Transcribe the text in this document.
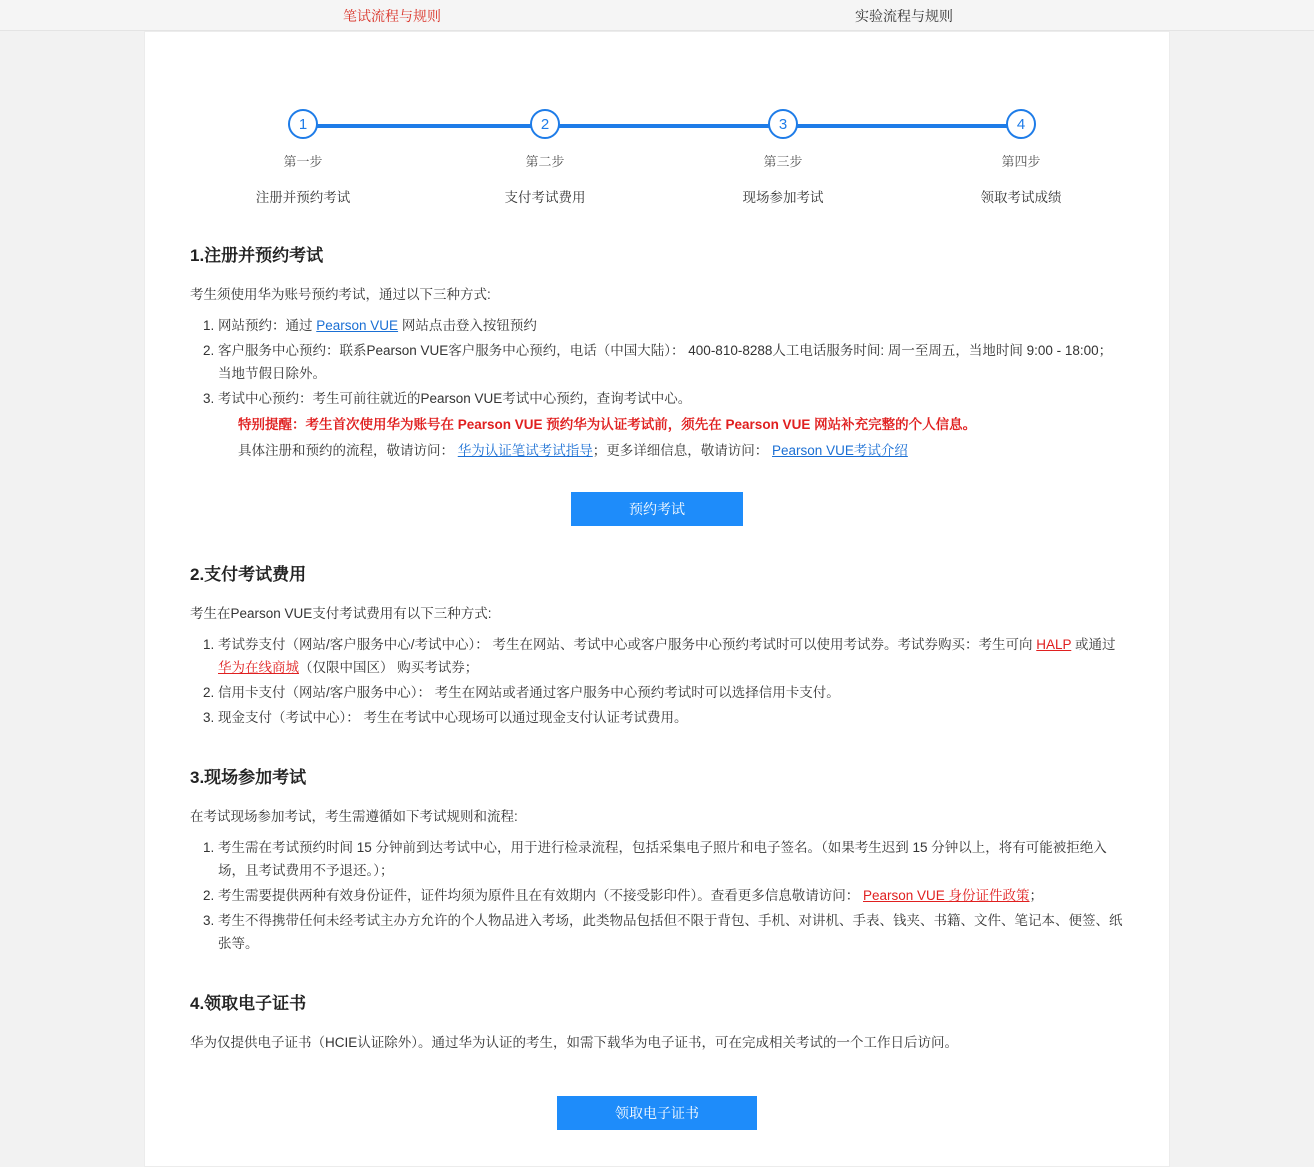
笔试流程与规则	实验流程与规则
1
第一步
注册并预约考试
2
第二步
支付考试费用
3
第三步
现场参加考试
4
第四步
领取考试成绩
1.注册并预约考试

考生须使用华为账号预约考试，通过以下三种方式:

1. 网站预约：通过 Pearson VUE 网站点击登入按钮预约
2. 客户服务中心预约：联系Pearson VUE客户服务中心预约，电话（中国大陆）： 400-810-8288人工电话服务时间: 周一至周五，当地时间 9:00 - 18:00；当地节假日除外。
3. 考试中心预约：考生可前往就近的Pearson VUE考试中心预约，查询考试中心。
特别提醒：考生首次使用华为账号在 Pearson VUE 预约华为认证考试前，须先在 Pearson VUE 网站补充完整的个人信息。
具体注册和预约的流程，敬请访问： 华为认证笔试考试指导；更多详细信息，敬请访问： Pearson VUE考试介绍
预约考试
2.支付考试费用

考生在Pearson VUE支付考试费用有以下三种方式:

1. 考试券支付（网站/客户服务中心/考试中心）： 考生在网站、考试中心或客户服务中心预约考试时可以使用考试券。考试券购买：考生可向 HALP 或通过 华为在线商城（仅限中国区） 购买考试券；
2. 信用卡支付（网站/客户服务中心）： 考生在网站或者通过客户服务中心预约考试时可以选择信用卡支付。
3. 现金支付（考试中心）： 考生在考试中心现场可以通过现金支付认证考试费用。
3.现场参加考试

在考试现场参加考试，考生需遵循如下考试规则和流程:

1. 考生需在考试预约时间 15 分钟前到达考试中心，用于进行检录流程，包括采集电子照片和电子签名。（如果考生迟到 15 分钟以上，将有可能被拒绝入场，且考试费用不予退还。）；
2. 考生需要提供两种有效身份证件，证件均须为原件且在有效期内（不接受影印件）。查看更多信息敬请访问： Pearson VUE 身份证件政策；
3. 考生不得携带任何未经考试主办方允许的个人物品进入考场，此类物品包括但不限于背包、手机、对讲机、手表、钱夹、书籍、文件、笔记本、便签、纸张等。
4.领取电子证书

华为仅提供电子证书（HCIE认证除外）。通过华为认证的考生，如需下载华为电子证书，可在完成相关考试的一个工作日后访问。

领取电子证书
